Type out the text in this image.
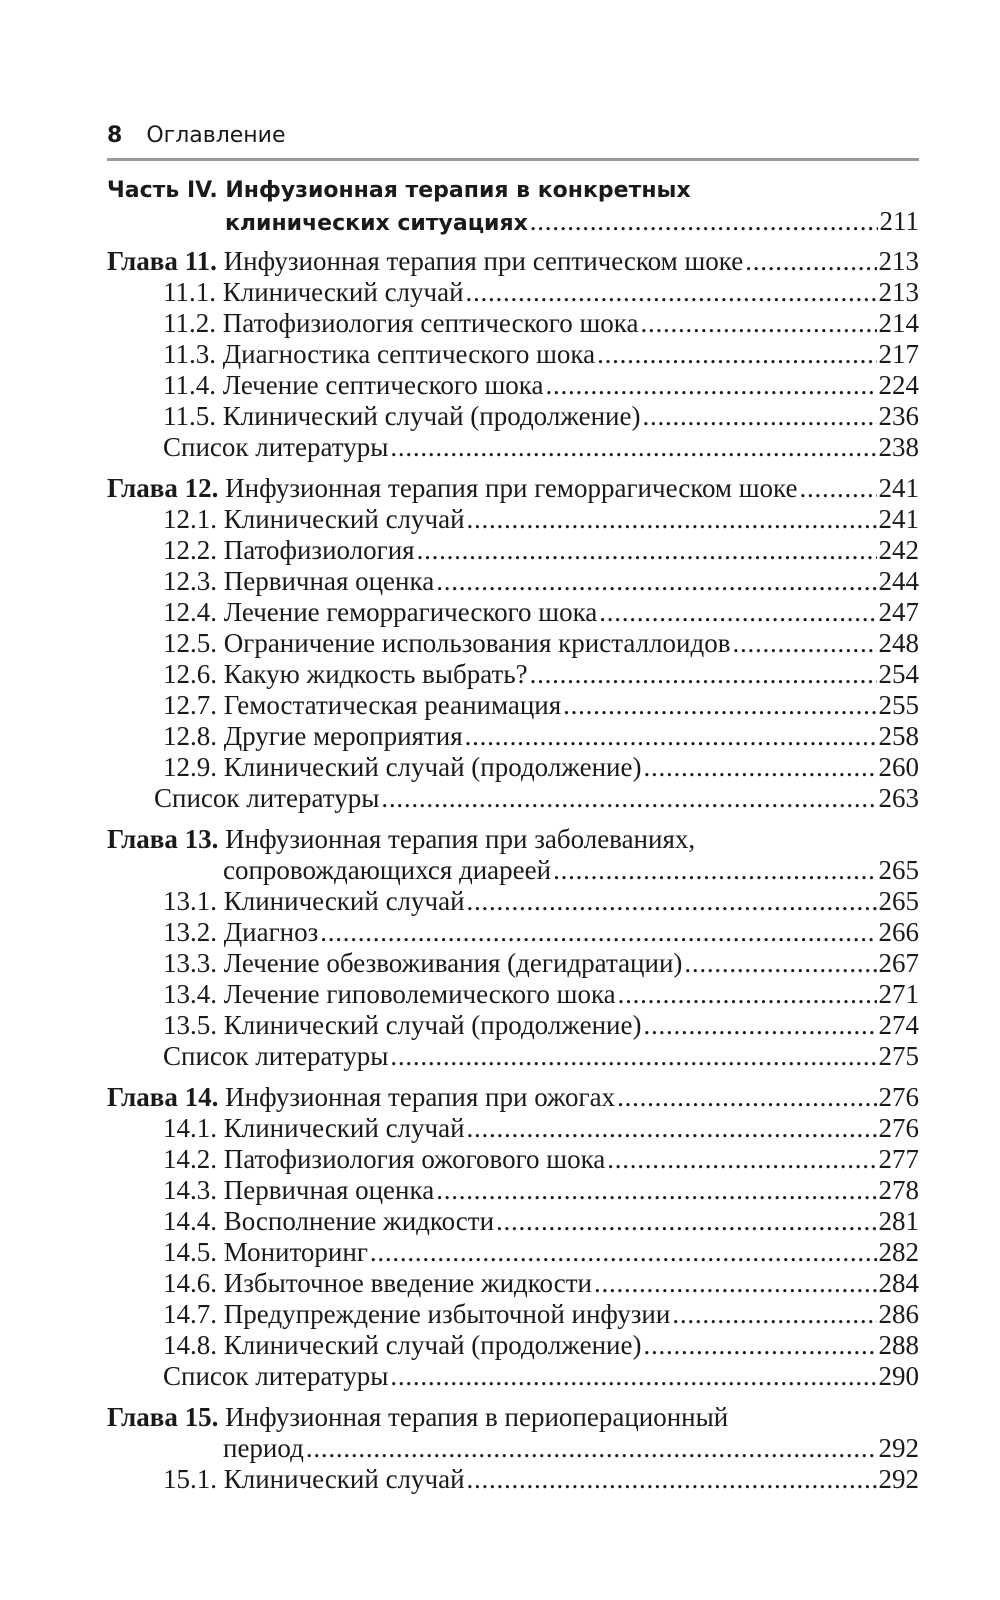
8 Оглавление
Часть IV. Инфузионная терапия в конкретных
клинических ситуациях . . .	211
Глава 11. Инфузионная терапия при септическом шоке . . .	213
11.1. Клинический случай . . .	213
11.2. Патофизиология септического шока . . .	214
11.3. Диагностика септического шока . . .	217
11.4. Лечение септического шока . . .	224
11.5. Клинический случай (продолжение) . . .	236
Список литературы . . .	238
Глава 12. Инфузионная терапия при геморрагическом шоке . . .	241
12.1. Клинический случай . . .	241
12.2. Патофизиология . . .	242
12.3. Первичная оценка . . .	244
12.4. Лечение геморрагического шока . . .	247
12.5. Ограничение использования кристаллоидов . . .	248
12.6. Какую жидкость выбрать? . . .	254
12.7. Гемостатическая реанимация . . .	255
12.8. Другие мероприятия . . .	258
12.9. Клинический случай (продолжение) . . .	260
Список литературы . . .	263
Глава 13. Инфузионная терапия при заболеваниях,
сопровождающихся диареей . . .	265
13.1. Клинический случай . . .	265
13.2. Диагноз . . .	266
13.3. Лечение обезвоживания (дегидратации) . . .	267
13.4. Лечение гиповолемического шока . . .	271
13.5. Клинический случай (продолжение) . . .	274
Список литературы . . .	275
Глава 14. Инфузионная терапия при ожогах . . .	276
14.1. Клинический случай . . .	276
14.2. Патофизиология ожогового шока . . .	277
14.3. Первичная оценка . . .	278
14.4. Восполнение жидкости . . .	281
14.5. Мониторинг . . .	282
14.6. Избыточное введение жидкости . . .	284
14.7. Предупреждение избыточной инфузии . . .	286
14.8. Клинический случай (продолжение) . . .	288
Список литературы . . .	290
Глава 15. Инфузионная терапия в периоперационный
период . . .	292
15.1. Клинический случай . . .	292
